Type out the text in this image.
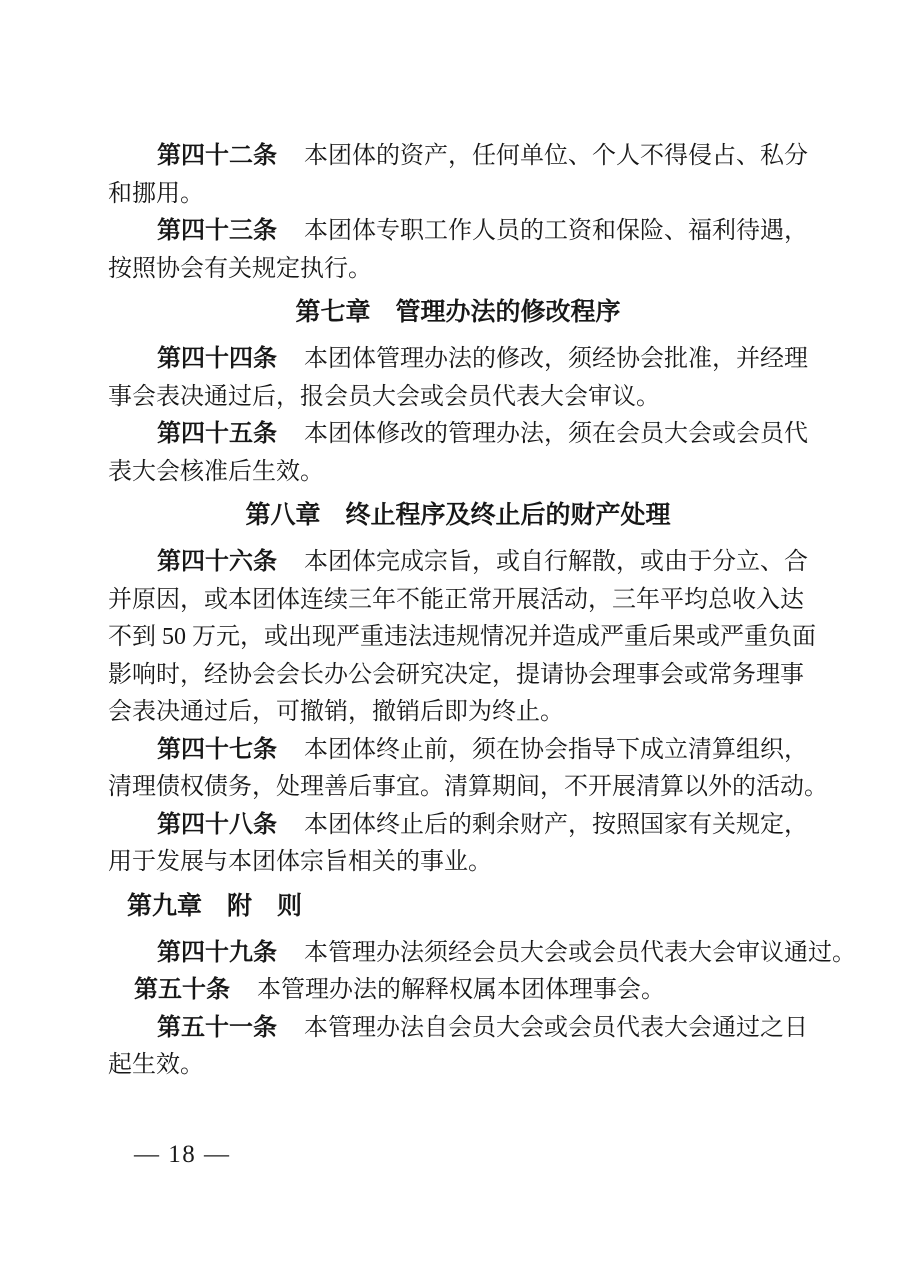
第四十二条 本团体的资产，任何单位、个人不得侵占、私分
和挪用。
第四十三条 本团体专职工作人员的工资和保险、福利待遇，
按照协会有关规定执行。
第七章　管理办法的修改程序
第四十四条 本团体管理办法的修改，须经协会批准，并经理
事会表决通过后，报会员大会或会员代表大会审议。
第四十五条 本团体修改的管理办法，须在会员大会或会员代
表大会核准后生效。
第八章　终止程序及终止后的财产处理
第四十六条 本团体完成宗旨，或自行解散，或由于分立、合
并原因，或本团体连续三年不能正常开展活动，三年平均总收入达
不到 50 万元，或出现严重违法违规情况并造成严重后果或严重负面
影响时，经协会会长办公会研究决定，提请协会理事会或常务理事
会表决通过后，可撤销，撤销后即为终止。
第四十七条 本团体终止前，须在协会指导下成立清算组织，
清理债权债务，处理善后事宜。清算期间，不开展清算以外的活动。
第四十八条 本团体终止后的剩余财产，按照国家有关规定，
用于发展与本团体宗旨相关的事业。
第九章　附　则
第四十九条 本管理办法须经会员大会或会员代表大会审议通过。
第五十条 本管理办法的解释权属本团体理事会。
第五十一条 本管理办法自会员大会或会员代表大会通过之日
起生效。
— 18 —
